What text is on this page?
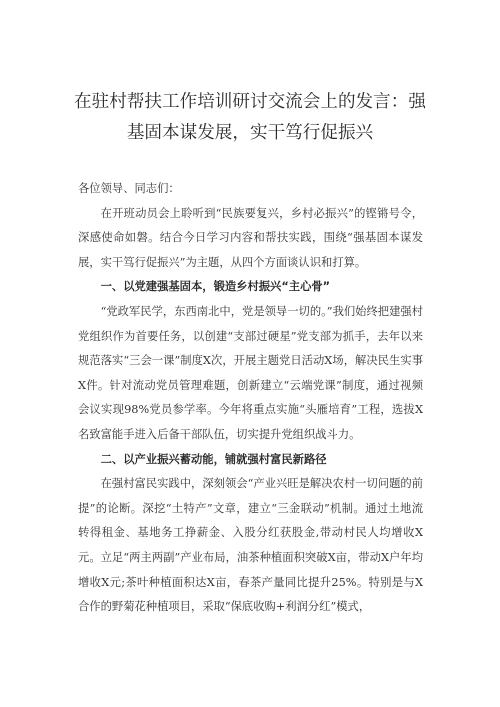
在驻村帮扶工作培训研讨交流会上的发言：强
基固本谋发展，实干笃行促振兴

各位领导、同志们：

在开班动员会上聆听到“民族要复兴，乡村必振兴”的铿锵号令，深感使命如磐。结合今日学习内容和帮扶实践，围绕“强基固本谋发展，实干笃行促振兴”为主题，从四个方面谈认识和打算。

一、以党建强基固本，锻造乡村振兴“主心骨”

“党政军民学，东西南北中，党是领导一切的。”我们始终把建强村党组织作为首要任务，以创建“支部过硬星”党支部为抓手，去年以来规范落实“三会一课”制度X次，开展主题党日活动X场，解决民生实事X件。针对流动党员管理难题，创新建立“云端党课”制度，通过视频会议实现98%党员参学率。今年将重点实施“头雁培育”工程，选拔X名致富能手进入后备干部队伍，切实提升党组织战斗力。

二、以产业振兴蓄动能，铺就强村富民新路径

在强村富民实践中，深刻领会“产业兴旺是解决农村一切问题的前提”的论断。深挖“土特产”文章，建立“三金联动”机制。通过土地流转得租金、基地务工挣薪金、入股分红获股金,带动村民人均增收X元。立足“两主两副”产业布局，油茶种植面积突破X亩，带动X户年均增收X元;茶叶种植面积达X亩，春茶产量同比提升25%。特别是与X合作的野菊花种植项目，采取“保底收购+利润分红”模式，
